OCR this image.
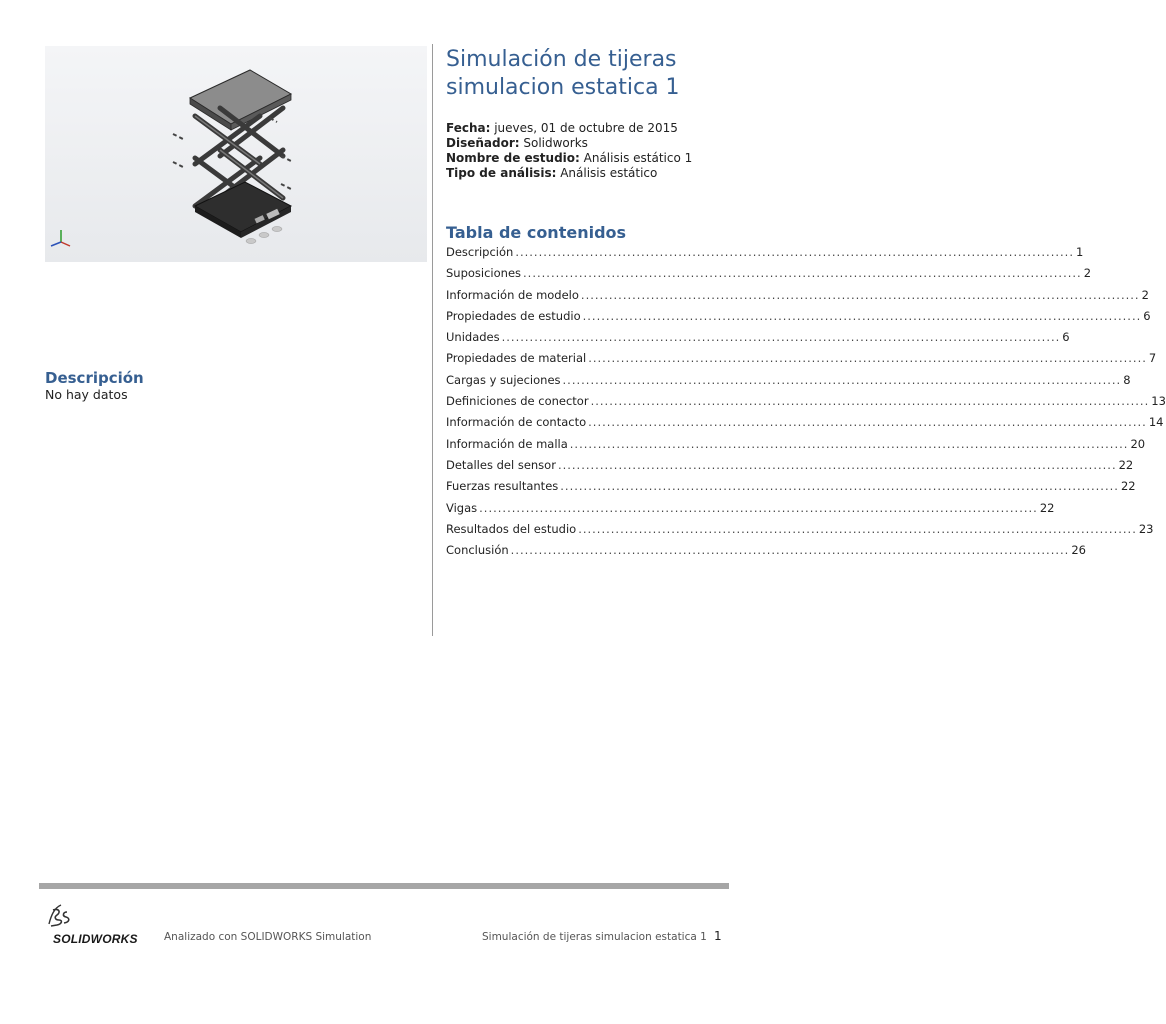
Simulación de tijeras
simulacion estatica 1
Fecha: jueves, 01 de octubre de 2015
Diseñador: Solidworks
Nombre de estudio: Análisis estático 1
Tipo de análisis: Análisis estático
Tabla de contenidos
Descripción ........................................................................................................................ 1
Suposiciones ........................................................................................................................ 2
Información de modelo ........................................................................................................................ 2
Propiedades de estudio ........................................................................................................................ 6
Unidades ........................................................................................................................ 6
Propiedades de material ........................................................................................................................ 7
Cargas y sujeciones ........................................................................................................................ 8
Definiciones de conector ........................................................................................................................ 13
Información de contacto ........................................................................................................................ 14
Información de malla ........................................................................................................................ 20
Detalles del sensor ........................................................................................................................ 22
Fuerzas resultantes ........................................................................................................................ 22
Vigas ........................................................................................................................ 22
Resultados del estudio ........................................................................................................................ 23
Conclusión ........................................................................................................................ 26
Descripción
No hay datos
SOLIDWORKS	Analizado con SOLIDWORKS Simulation	Simulación de tijeras simulacion estatica 1 1
